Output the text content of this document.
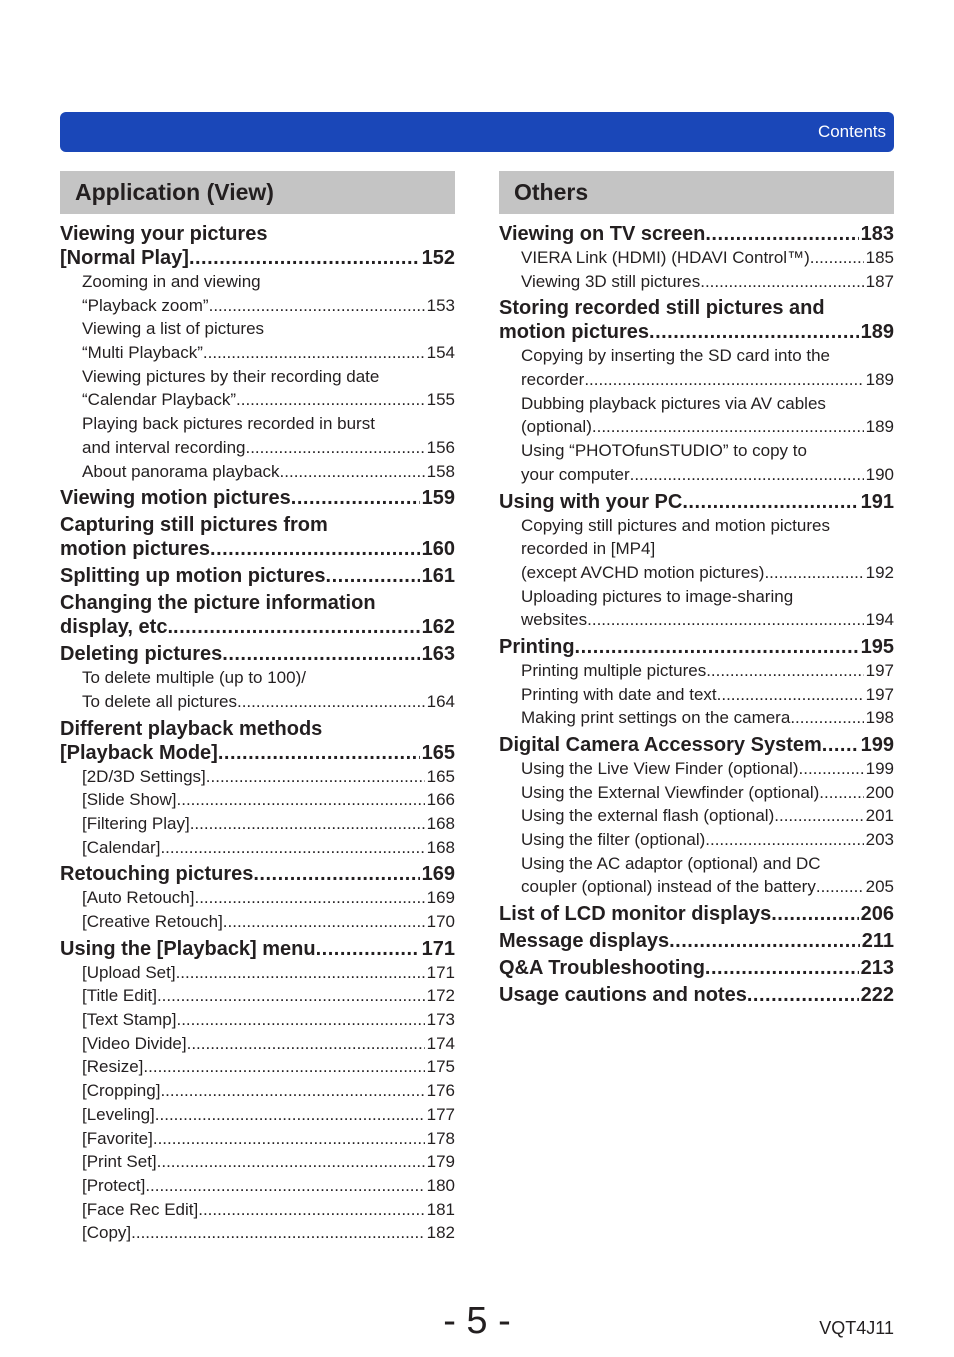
Contents
Application (View)
Viewing your pictures
[Normal Play] .....	152
Zooming in and viewing
“Playback zoom” .....	153
Viewing a list of pictures
“Multi Playback” .....	154
Viewing pictures by their recording date
“Calendar Playback” .....	155
Playing back pictures recorded in burst
and interval recording .....	156
About panorama playback .....	158
Viewing motion pictures .....	159
Capturing still pictures from
motion pictures .....	160
Splitting up motion pictures .....	161
Changing the picture information
display, etc. .....	162
Deleting pictures .....	163
To delete multiple (up to 100)/
To delete all pictures .....	164
Different playback methods
[Playback Mode] .....	165
[2D/3D Settings] .....	165
[Slide Show] .....	166
[Filtering Play] .....	168
[Calendar] .....	168
Retouching pictures .....	169
[Auto Retouch] .....	169
[Creative Retouch] .....	170
Using the [Playback] menu .....	171
[Upload Set] .....	171
[Title Edit] .....	172
[Text Stamp] .....	173
[Video Divide] .....	174
[Resize] .....	175
[Cropping] .....	176
[Leveling] .....	177
[Favorite] .....	178
[Print Set] .....	179
[Protect] .....	180
[Face Rec Edit] .....	181
[Copy] .....	182
Others
Viewing on TV screen .....	183
VIERA Link (HDMI) (HDAVI Control™) .....	185
Viewing 3D still pictures .....	187
Storing recorded still pictures and
motion pictures .....	189
Copying by inserting the SD card into the
recorder .....	189
Dubbing playback pictures via AV cables
(optional) .....	189
Using “PHOTOfunSTUDIO” to copy to
your computer .....	190
Using with your PC .....	191
Copying still pictures and motion pictures
recorded in [MP4]
(except AVCHD motion pictures) .....	192
Uploading pictures to image-sharing
websites .....	194
Printing .....	195
Printing multiple pictures .....	197
Printing with date and text .....	197
Making print settings on the camera .....	198
Digital Camera Accessory System ..... 199
Using the Live View Finder (optional) .....	199
Using the External Viewfinder (optional) .....	200
Using the external flash (optional) .....	201
Using the filter (optional) .....	203
Using the AC adaptor (optional) and DC
coupler (optional) instead of the battery .....	205
List of LCD monitor displays .....	206
Message displays .....	211
Q&A Troubleshooting .....	213
Usage cautions and notes .....	222
- 5 -	VQT4J11
